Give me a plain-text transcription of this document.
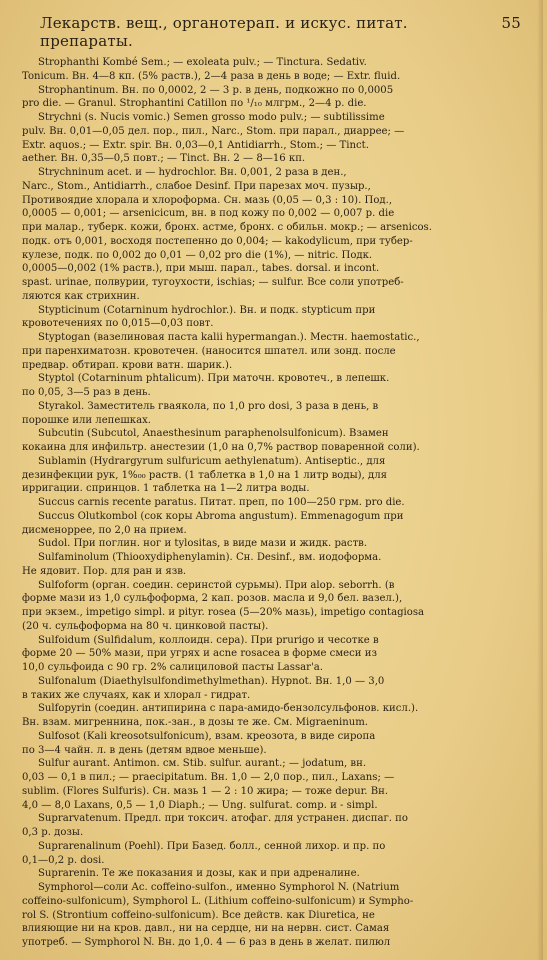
Лекарств. вещ., органотерап. и искус. питат. препараты.
55
Strophanthi Kombé Sem.; — exoleata pulv.; — Tinctura. Sedativ.
Tonicum. Вн. 4—8 кп. (5% раств.), 2—4 раза в день в воде; — Extr. fluid.
Strophantinum. Вн. по 0,0002, 2 — 3 р. в день, подкожно по 0,0005
pro die. — Granul. Strophantini Catillon по ¹/₁₀ млгрм., 2—4 р. die.
Strychni (s. Nucis vomic.) Semen grosso modo pulv.; — subtilissime
pulv. Вн. 0,01—0,05 дел. пор., пил., Narc., Stom. при парал., диаррее; —
Extr. aquos.; — Extr. spir. Вн. 0,03—0,1 Antidiarrh., Stom.; — Tinct.
aether. Вн. 0,35—0,5 повт.; — Tinct. Вн. 2 — 8—16 кп.
Strychninum acet. и — hydrochlor. Вн. 0,001, 2 раза в ден.,
Narc., Stom., Antidiarrh., слабое Desinf. При парезах моч. пузыр.,
Противоядие хлоралa и хлороформа. Сн. мазь (0,05 — 0,3 : 10). Под.,
0,0005 — 0,001; — arsenicicum, вн. в под кожу по 0,002 — 0,007 р. die
при малар., туберк. кожи, бронх. астме, бронх. с обильн. мокр.; — arsenicos.
подк. отъ 0,001, восходя постепенно до 0,004; — kakodylicum, при тубер-
кулезе, подк. по 0,002 до 0,01 — 0,02 pro die (1%), — nitric. Подк.
0,0005—0,002 (1% раств.), при мыш. парал., tabes. dorsal. и incont.
spast. urinae, полвурии, тугоухости, ischias; — sulfur. Все соли употреб-
ляются как стрихнин.
Stypticinum (Cotarninum hydrochlor.). Вн. и подк. stypticum при
кровотечениях по 0,015—0,03 повт.
Styptogan (вазелиновая паста kalii hypermangan.). Местн. haemostatic.,
при паренхиматозн. кровотечен. (наносится шпател. или зонд. после
предвар. обтирап. крови ватн. шарик.).
Styptol (Cotarninum phtalicum). При маточн. кровотеч., в лепешк.
по 0,05, 3—5 раз в день.
Styrakol. Заместитель гваякола, по 1,0 pro dosi, 3 раза в день, в
порошке или лепешках.
Subcutin (Subcutol, Anaesthesinum paraphenolsulfonicum). Взамен
кокаина для инфильтр. анестезии (1,0 на 0,7% раствор поваренной соли).
Sublamin (Hydrargyrum sulfuricum aethylenatum). Antiseptic., для
дезинфекции рук, 1%₀₀ раств. (1 таблетка в 1,0 на 1 литр воды), для
ирригации. спринцов. 1 таблетка на 1—2 литра воды.
Succus carnis recente paratus. Питат. преп, по 100—250 грм. pro die.
Succus Olutkombol (сок коры Abroma angustum). Emmenagogum при
дисменоррее, по 2,0 на прием.
Sudol. При поглин. ног и tylositas, в виде мази и жидк. раств.
Sulfaminolum (Thiooxydiphenylamin). Сн. Desinf., вм. иодоформа.
Не ядовит. Пор. для ран и язв.
Sulfoform (орган. соедин. серинстой сурьмы). При alop. seborrh. (в
форме мази из 1,0 сульфоформа, 2 кап. розов. масла и 9,0 бел. вазел.),
при экзем., impetigo simpl. и pityr. rosea (5—20% мазь), impetigo contagiosa
(20 ч. сульфоформа на 80 ч. цинковой пасты).
Sulfoidum (Sulfidalum, коллоидн. сера). При prurigo и чесотке в
форме 20 — 50% мази, при угрях и acne rosacea в форме смеси из
10,0 сульфоида с 90 гр. 2% салициловой пасты Lassar'a.
Sulfonalum (Diaethylsulfondimethylmethan). Hypnot. Вн. 1,0 — 3,0
в таких же случаях, как и хлорал - гидрат.
Sulfopyrin (соедин. антипирина с пара-амидо-бензолсульфонов. кисл.).
Вн. взам. мигреннина, пок.-зан., в дозы те же. См. Migraeninum.
Sulfosot (Kali kreosotsulfonicum), взам. креозота, в виде сиропа
по 3—4 чайн. л. в день (детям вдвое меньше).
Sulfur aurant. Antimon. см. Stib. sulfur. aurant.; — jodatum, вн.
0,03 — 0,1 в пил.; — praecipitatum. Вн. 1,0 — 2,0 пор., пил., Laxans; —
sublim. (Flores Sulfuris). Сн. мазь 1 — 2 : 10 жира; — тоже depur. Вн.
4,0 — 8,0 Laxans, 0,5 — 1,0 Diaph.; — Ung. sulfurat. comp. и - simpl.
Suprarvatenum. Предл. при токсич. атофаг. для устранен. диспаг. по
0,3 р. дозы.
Suprarenalinum (Poehl). При Базед. болл., сенной лихор. и пр. по
0,1—0,2 р. dosi.
Suprarenin. Те же показания и дозы, как и при адреналине.
Symphorol—соли Ac. coffeino-sulfon., именно Symphorol N. (Natrium
coffeino-sulfonicum), Symphorol L. (Lithium coffeino-sulfonicum) и Sympho-
rol S. (Strontium coffeino-sulfonicum). Все действ. как Diuretica, не
влияющие ни на кров. давл., ни на сердце, ни на нервн. сист. Самая
употреб. — Symphorol N. Вн. до 1,0. 4 — 6 раз в день в желат. пилюл
